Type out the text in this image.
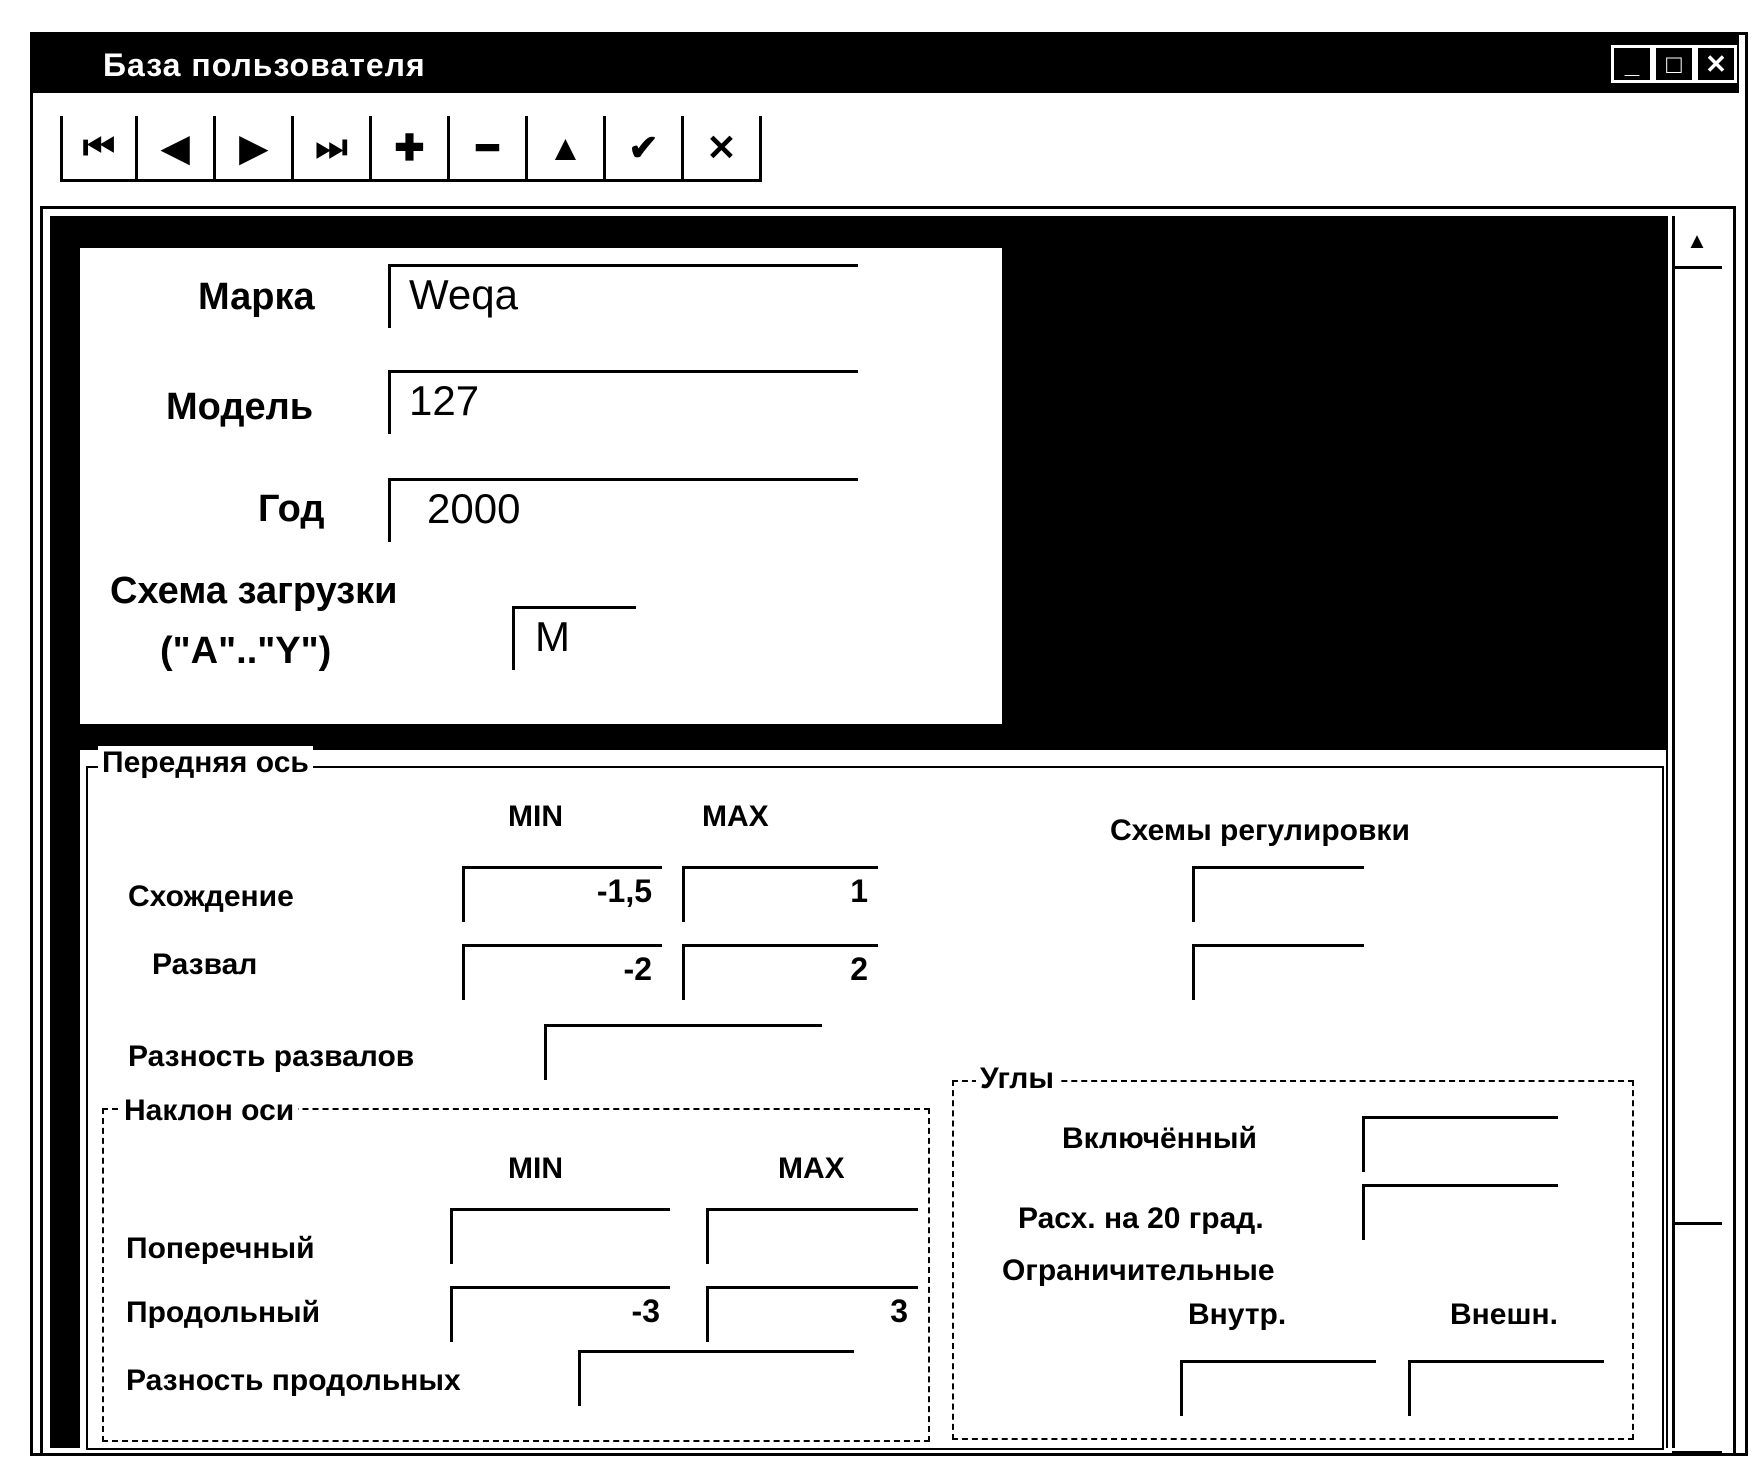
База пользователя	_	□ ✕
⏮	◀	▶	⏭	✚	━	▲	✔	✕
▲
Марка	Weqa
Модель	127
Год	2000
Схема загрузки
("A".."Y")	M
Передняя ось
MIN	MAX
Схождение	-1,5	1
Развал	-2	2
Разность развалов
Схемы регулировки
Наклон оси
MIN	MAX
Поперечный
Продольный	-3	3
Разность продольных
Углы
Включённый
Расх. на 20 град.
Ограничительные
Внутр.	Внешн.
